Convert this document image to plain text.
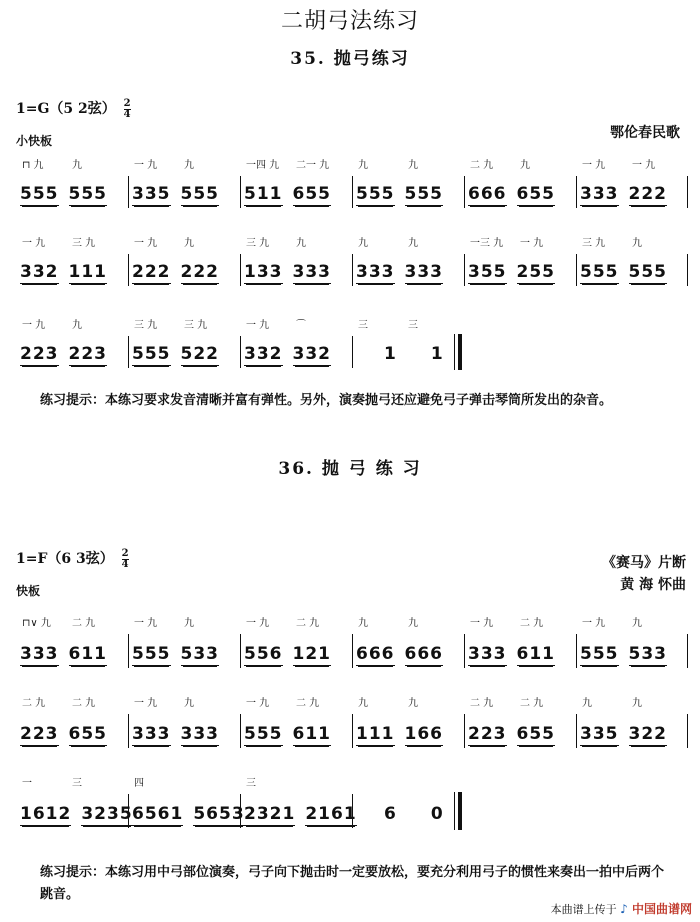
二胡弓法练习
35. 抛弓练习
1=G（5 2弦） $\frac{2}{4}$
小快板	鄂伦春民歌
⊓ 九	九
555 555
一 九	九
335 555
一四 九 二一 九
511 655
九	九
555 555
二 九	九
666 655
一 九	一 九
333 222
一 九	三 九
332 111
一 九	九
222 222
三 九	九
133 333
九	九
333 333
一三 九 一 九
355 255
三 九	九
555 555
一 九	九
223 223
三 九	三 九
555 522
一 九	⌒
332 332
三	三
1 1
练习提示：本练习要求发音清晰并富有弹性。另外，演奏抛弓还应避免弓子弹击琴筒所发出的杂音。
36. 抛 弓 练 习
1=F（6 3弦） $\frac{2}{4}$
快板
《赛马》片断
黄 海 怀曲
⊓∨ 九 二 九
333 611
一 九	九
555 533
一 九	二 九
556 121
九	九
666 666
一 九	二 九
333 611
一 九	九
555 533
二 九	二 九
223 655
一 九	九
333 333
一 九	二 九
555 611
九	九
111 166
二 九	二 九
223 655
九	九
335 322
一	三
1612 3235
四
6561 5653
三
2321 2161 6 0
练习提示：本练习用中弓部位演奏，弓子向下抛击时一定要放松，要充分利用弓子的惯性来奏出一拍中后两个跳音。
本曲谱上传于 ♪ 中国曲谱网
